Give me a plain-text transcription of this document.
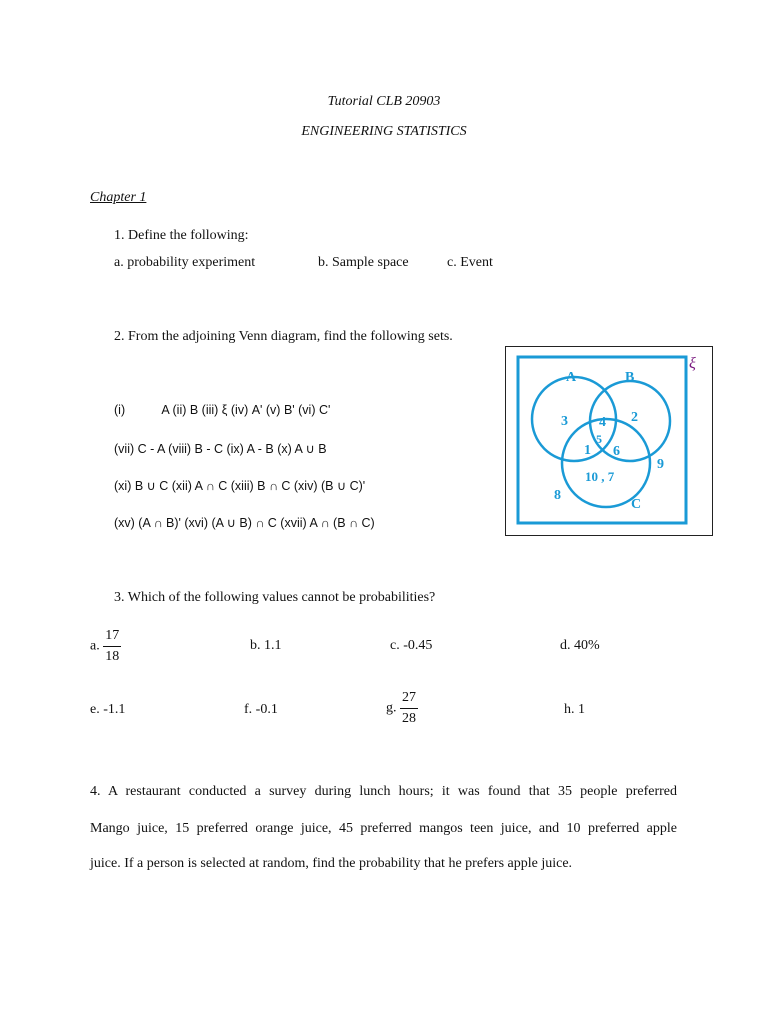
Tutorial CLB 20903
ENGINEERING STATISTICS
Chapter 1
1. Define the following:
a. probability experiment	b. Sample space	c. Event
2. From the adjoining Venn diagram, find the following sets.
(i)	A (ii) B (iii) ξ (iv) A' (v) B' (vi) C'
(vii) C - A (viii) B - C (ix) A - B (x) A ∪ B
(xi) B ∪ C (xii) A ∩ C (xiii) B ∩ C (xiv) (B ∪ C)'
(xv) (A ∩ B)' (xvi) (A ∪ B) ∩ C (xvii) A ∩ (B ∩ C)
A	B
C
3 4
5
2
1 6
10 , 7
9
8
ξ
3. Which of the following values cannot be probabilities?
a. $\frac{17}{18}$	b. 1.1	c. -0.45	d. 40%
e. -1.1	f. -0.1	g. $\frac{27}{28}$	h. 1
4. A restaurant conducted a survey during lunch hours; it was found that 35 people preferred
Mango juice, 15 preferred orange juice, 45 preferred mangos teen juice, and 10 preferred apple
juice. If a person is selected at random, find the probability that he prefers apple juice.
